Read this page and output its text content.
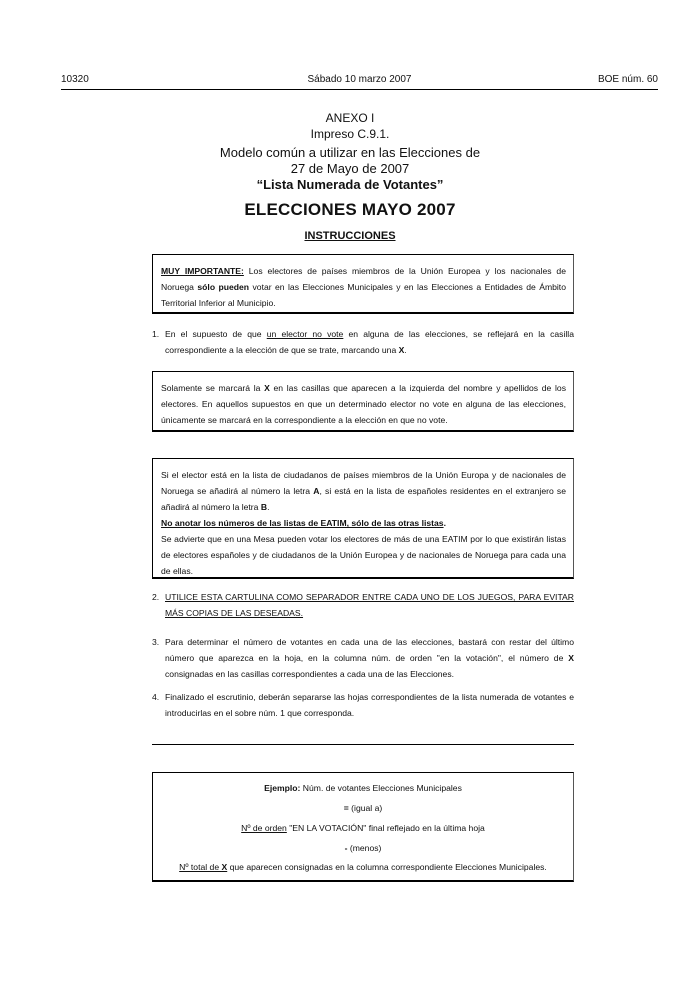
10320	Sábado 10 marzo 2007	BOE núm. 60
ANEXO I
Impreso C.9.1.
Modelo común a utilizar en las Elecciones de
27 de Mayo de 2007
“Lista Numerada de Votantes”
ELECCIONES MAYO 2007
INSTRUCCIONES
MUY IMPORTANTE: Los electores de países miembros de la Unión Europea y los nacionales de Noruega sólo pueden votar en las Elecciones Municipales y en las Elecciones a Entidades de Ámbito Territorial Inferior al Municipio.
1. En el supuesto de que un elector no vote en alguna de las elecciones, se reflejará en la casilla correspondiente a la elección de que se trate, marcando una X.
Solamente se marcará la X en las casillas que aparecen a la izquierda del nombre y apellidos de los electores. En aquellos supuestos en que un determinado elector no vote en alguna de las elecciones, únicamente se marcará en la correspondiente a la elección en que no vote.
Si el elector está en la lista de ciudadanos de países miembros de la Unión Europa y de nacionales de Noruega se añadirá al número la letra A, si está en la lista de españoles residentes en el extranjero se añadirá al número la letra B.
No anotar los números de las listas de EATIM, sólo de las otras listas.
Se advierte que en una Mesa pueden votar los electores de más de una EATIM por lo que existirán listas de electores españoles y de ciudadanos de la Unión Europea y de nacionales de Noruega para cada una de ellas.
2. UTILICE ESTA CARTULINA COMO SEPARADOR ENTRE CADA UNO DE LOS JUEGOS, PARA EVITAR MÁS COPIAS DE LAS DESEADAS.
3. Para determinar el número de votantes en cada una de las elecciones, bastará con restar del último número que aparezca en la hoja, en la columna núm. de orden "en la votación", el número de X consignadas en las casillas correspondientes a cada una de las Elecciones.
4. Finalizado el escrutinio, deberán separarse las hojas correspondientes de la lista numerada de votantes e introducirlas en el sobre núm. 1 que corresponda.
Ejemplo: Núm. de votantes Elecciones Municipales
= (igual a)
Nº de orden "EN LA VOTACIÓN" final reflejado en la última hoja
- (menos)
Nº total de X que aparecen consignadas en la columna correspondiente Elecciones Municipales.
